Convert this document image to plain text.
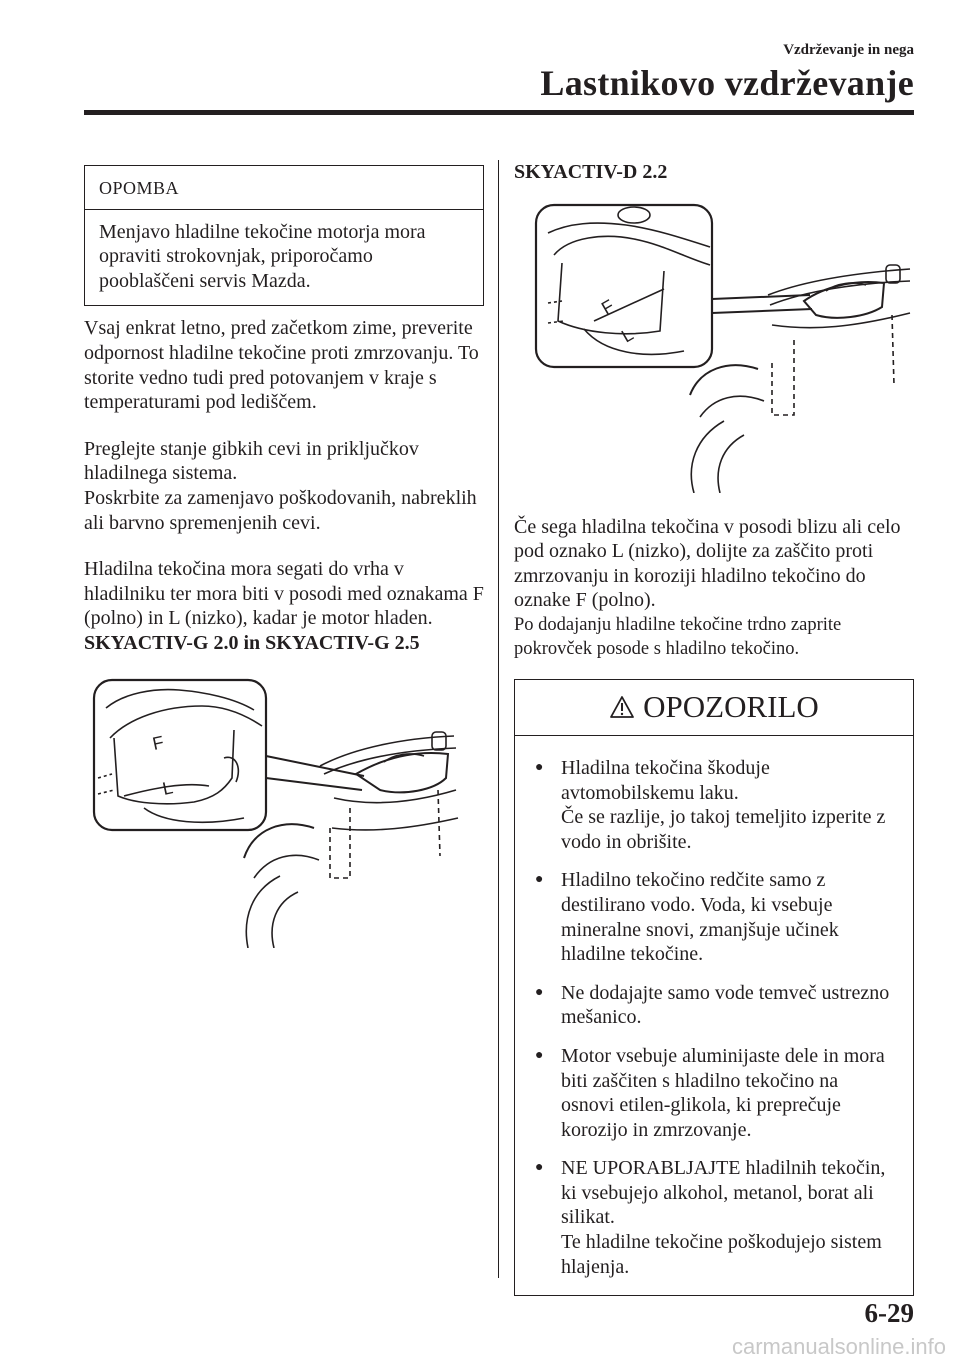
Vzdrževanje in nega
Lastnikovo vzdrževanje
OPOMBA
Menjavo hladilne tekočine motorja mora opraviti strokovnjak, priporočamo pooblaščeni servis Mazda.

Vsaj enkrat letno, pred začetkom zime, preverite odpornost hladilne tekočine proti zmrzovanju. To storite vedno tudi pred potovanjem v kraje s temperaturami pod lediščem.

Preglejte stanje gibkih cevi in priključkov hladilnega sistema.

Poskrbite za zamenjavo poškodovanih, nabreklih ali barvno spremenjenih cevi.

Hladilna tekočina mora segati do vrha v hladilniku ter mora biti v posodi med oznakama F (polno) in L (nizko), kadar je motor hladen.

SKYACTIV-G 2.0 in SKYACTIV-G 2.5

F
L

SKYACTIV-D 2.2

F
L

Če sega hladilna tekočina v posodi blizu ali celo pod oznako L (nizko), dolijte za zaščito proti zmrzovanju in koroziji hladilno tekočino do oznake F (polno).

Po dodajanju hladilne tekočine trdno zaprite pokrovček posode s hladilno tekočino.

OPOZORILO
● Hladilna tekočina škoduje avtomobilskemu laku.

Če se razlije, jo takoj temeljito izperite z vodo in obrišite.

● Hladilno tekočino redčite samo z destilirano vodo. Voda, ki vsebuje mineralne snovi, zmanjšuje učinek hladilne tekočine.

● Ne dodajajte samo vode temveč ustrezno mešanico.

● Motor vsebuje aluminijaste dele in mora biti zaščiten s hladilno tekočino na osnovi etilen-glikola, ki preprečuje korozijo in zmrzovanje.

● NE UPORABLJAJTE hladilnih tekočin, ki vsebujejo alkohol, metanol, borat ali silikat.

Te hladilne tekočine poškodujejo sistem hlajenja.

6-29
carmanualsonline.info
